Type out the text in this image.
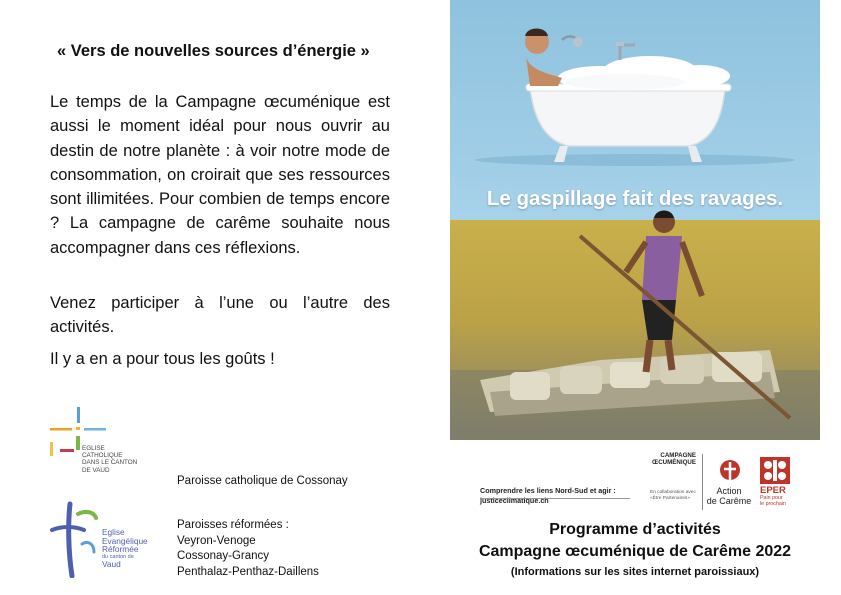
« Vers de nouvelles sources d’énergie »

Le temps de la Campagne œcuménique est aussi le moment idéal pour nous ouvrir au destin de notre planète : à voir notre mode de consommation, on croirait que ses ressources sont illimitées. Pour combien de temps encore ? La campagne de carême souhaite nous accompagner dans ces réflexions.

Venez participer à l’une ou l’autre des activités.

Il y a en a pour tous les goûts !

EGLISE
CATHOLIQUE
DANS LE CANTON
DE VAUD
Paroisse catholique de Cossonay
Eglise
Evangélique
Réformée
du canton de
Vaud
Paroisses réformées :
Veyron-Venoge
Cossonay-Grancy
Penthalaz-Penthaz-Daillens
Le gaspillage fait des ravages.
Comprendre les liens Nord-Sud et agir :
justiceclimatique.ch
CAMPAGNE
ŒCUMÉNIQUE
En collaboration avec «Être Partenaires»
Action
de Carême
EPER
Pain pour
le prochain
Programme d’activités
Campagne œcuménique de Carême 2022
(Informations sur les sites internet paroissiaux)
